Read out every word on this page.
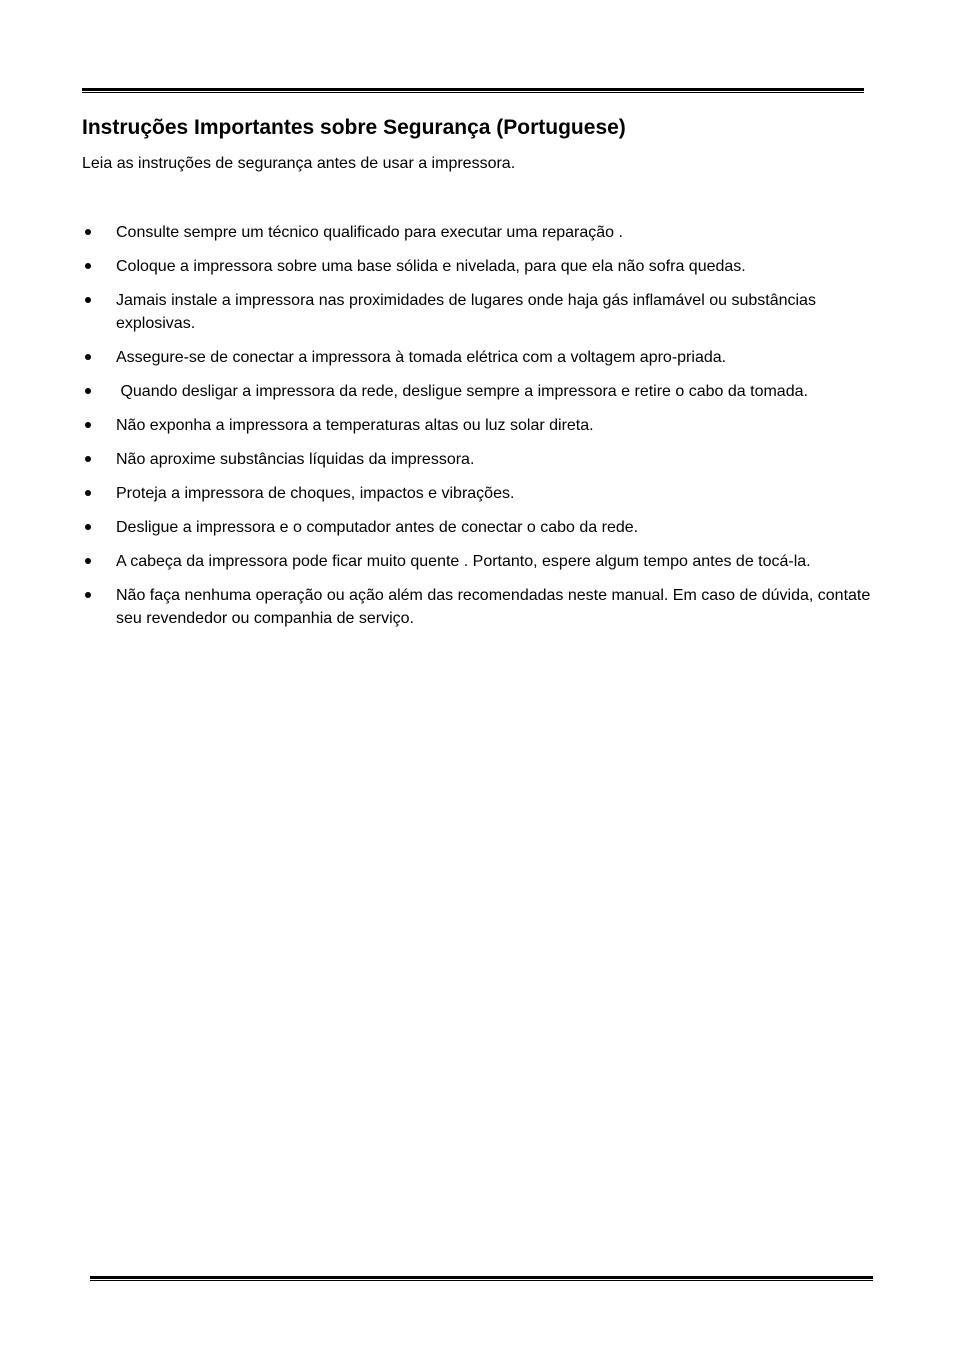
Instruções Importantes sobre Segurança (Portuguese)

Leia as instruções de segurança antes de usar a impressora.

Consulte sempre um técnico qualificado para executar uma reparação .
Coloque a impressora sobre uma base sólida e nivelada, para que ela não sofra quedas.
Jamais instale a impressora nas proximidades de lugares onde haja gás inflamável ou substâncias explosivas.
Assegure-se de conectar a impressora à tomada elétrica com a voltagem apro-priada.
Quando desligar a impressora da rede, desligue sempre a impressora e retire o cabo da tomada.
Não exponha a impressora a temperaturas altas ou luz solar direta.
Não aproxime substâncias líquidas da impressora.
Proteja a impressora de choques, impactos e vibrações.
Desligue a impressora e o computador antes de conectar o cabo da rede.
A cabeça da impressora pode ficar muito quente . Portanto, espere algum tempo antes de tocá-la.
Não faça nenhuma operação ou ação além das recomendadas neste manual. Em caso de dúvida, contate seu revendedor ou companhia de serviço.
